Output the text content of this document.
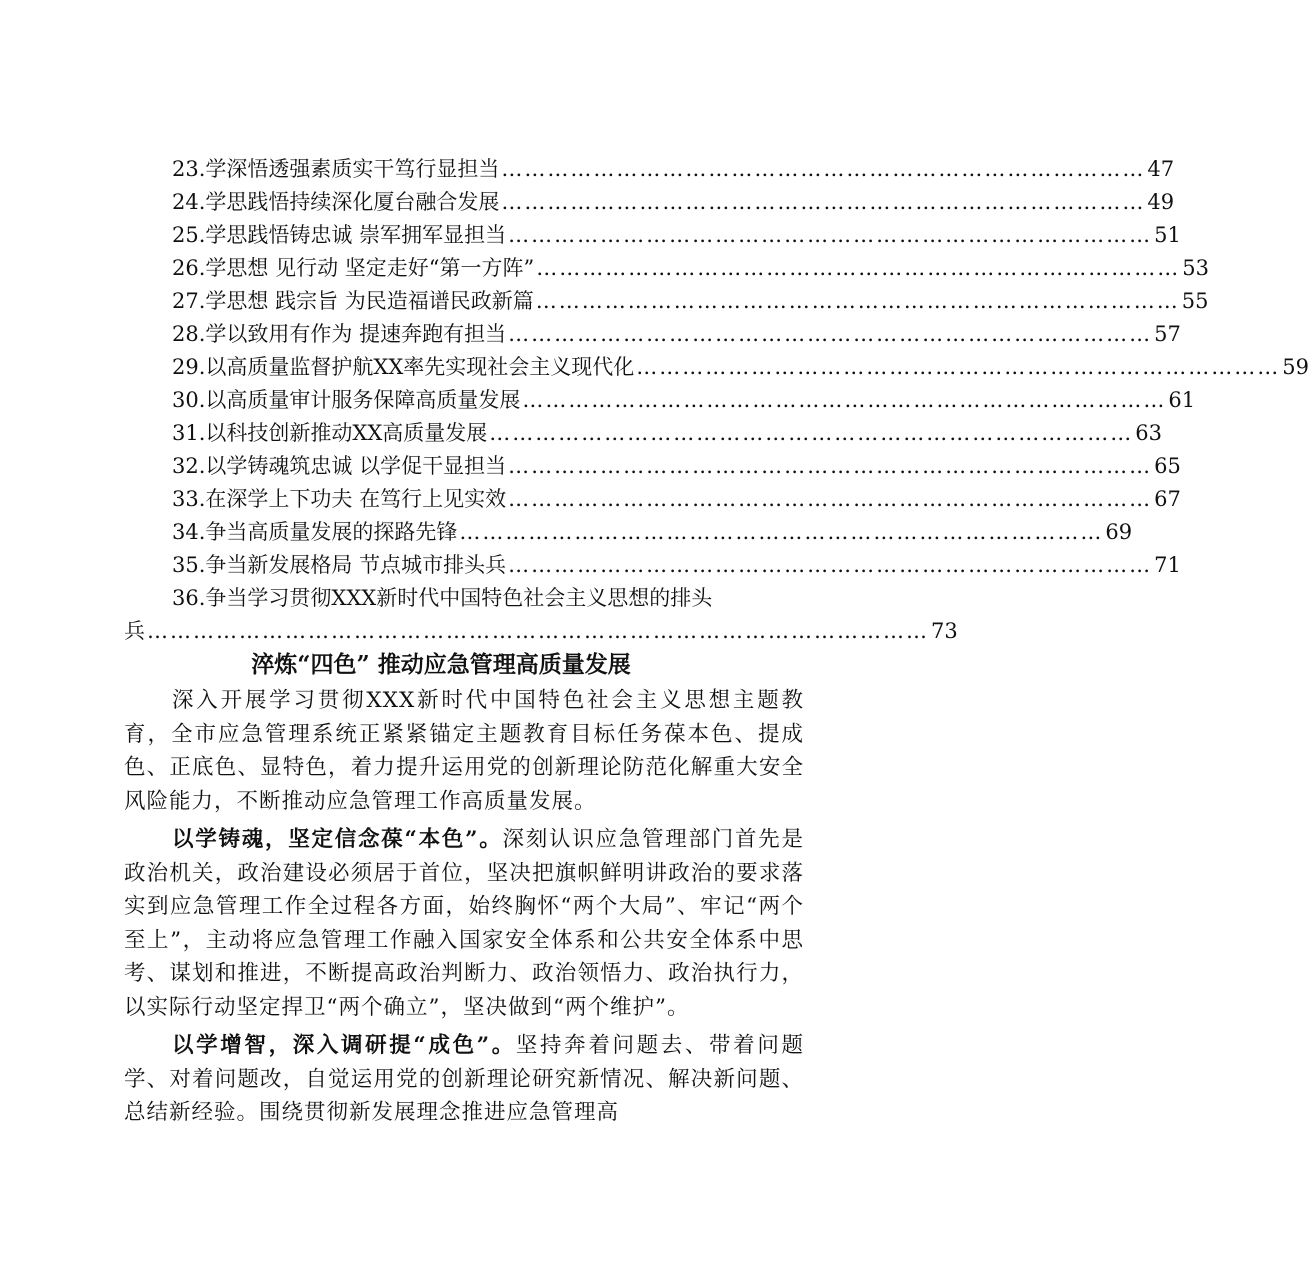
23.学深悟透强素质实干笃行显担当 ………………………………………………………………………… 47
24.学思践悟持续深化厦台融合发展 ………………………………………………………………………… 49
25.学思践悟铸忠诚 崇军拥军显担当 ………………………………………………………………………… 51
26.学思想 见行动 坚定走好“第一方阵” ………………………………………………………………………… 53
27.学思想 践宗旨 为民造福谱民政新篇 ………………………………………………………………………… 55
28.学以致用有作为 提速奔跑有担当 ………………………………………………………………………… 57
29.以高质量监督护航XX率先实现社会主义现代化 ………………………………………………………………………… 59
30.以高质量审计服务保障高质量发展 ………………………………………………………………………… 61
31.以科技创新推动XX高质量发展 ………………………………………………………………………… 63
32.以学铸魂筑忠诚 以学促干显担当 ………………………………………………………………………… 65
33.在深学上下功夫 在笃行上见实效 ………………………………………………………………………… 67
34.争当高质量发展的探路先锋 ………………………………………………………………………… 69
35.争当新发展格局 节点城市排头兵 ………………………………………………………………………… 71
36.争当学习贯彻XXX新时代中国特色社会主义思想的排头
兵 ………………………………………………………………………………………… 73
淬炼“四色” 推动应急管理高质量发展

深入开展学习贯彻XXX新时代中国特色社会主义思想主题教育，全市应急管理系统正紧紧锚定主题教育目标任务葆本色、提成色、正底色、显特色，着力提升运用党的创新理论防范化解重大安全风险能力，不断推动应急管理工作高质量发展。

以学铸魂，坚定信念葆“本色”。深刻认识应急管理部门首先是政治机关，政治建设必须居于首位，坚决把旗帜鲜明讲政治的要求落实到应急管理工作全过程各方面，始终胸怀“两个大局”、牢记“两个至上”，主动将应急管理工作融入国家安全体系和公共安全体系中思考、谋划和推进，不断提高政治判断力、政治领悟力、政治执行力，以实际行动坚定捍卫“两个确立”，坚决做到“两个维护”。

以学增智，深入调研提“成色”。坚持奔着问题去、带着问题学、对着问题改，自觉运用党的创新理论研究新情况、解决新问题、总结新经验。围绕贯彻新发展理念推进应急管理高
